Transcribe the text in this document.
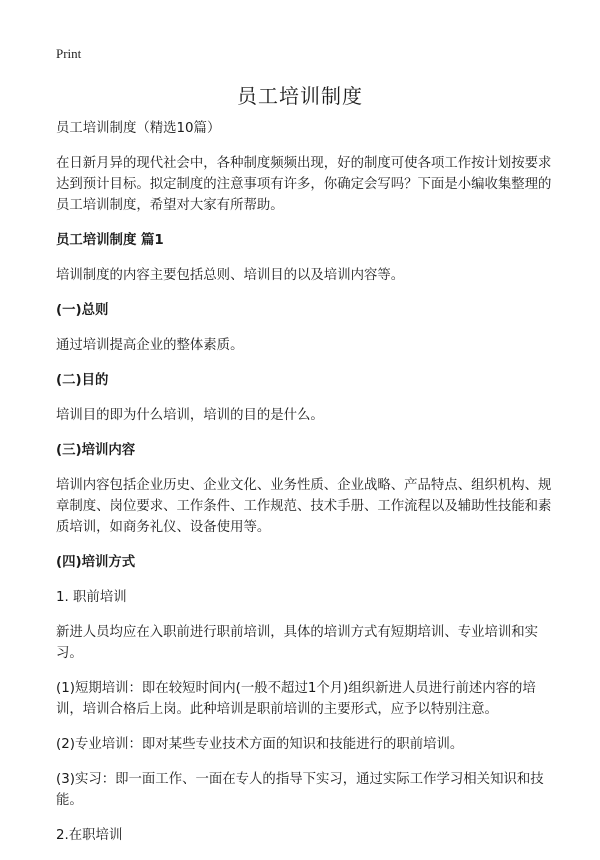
Print
员工培训制度

员工培训制度（精选10篇）

在日新月异的现代社会中，各种制度频频出现，好的制度可使各项工作按计划按要求达到预计目标。拟定制度的注意事项有许多，你确定会写吗？下面是小编收集整理的员工培训制度，希望对大家有所帮助。

员工培训制度 篇1

培训制度的内容主要包括总则、培训目的以及培训内容等。

(一)总则

通过培训提高企业的整体素质。

(二)目的

培训目的即为什么培训，培训的目的是什么。

(三)培训内容

培训内容包括企业历史、企业文化、业务性质、企业战略、产品特点、组织机构、规章制度、岗位要求、工作条件、工作规范、技术手册、工作流程以及辅助性技能和素质培训，如商务礼仪、设备使用等。

(四)培训方式

1. 职前培训

新进人员均应在入职前进行职前培训，具体的培训方式有短期培训、专业培训和实习。

(1)短期培训：即在较短时间内(一般不超过1个月)组织新进人员进行前述内容的培训，培训合格后上岗。此种培训是职前培训的主要形式，应予以特别注意。

(2)专业培训：即对某些专业技术方面的知识和技能进行的职前培训。

(3)实习：即一面工作、一面在专人的指导下实习，通过实际工作学习相关知识和技能。

2.在职培训
